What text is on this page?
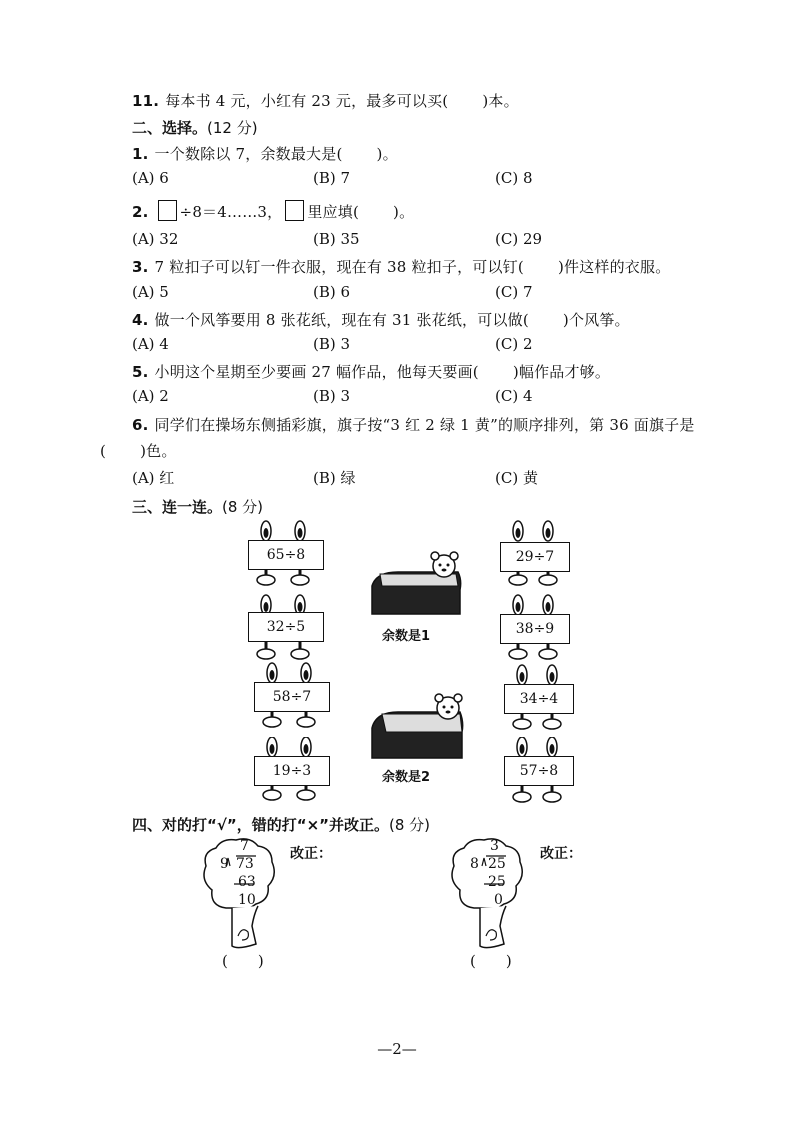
11. 每本书 4 元，小红有 23 元，最多可以买( )本。
二、选择。(12 分)
1. 一个数除以 7，余数最大是( )。
(A) 6	(B) 7	(C) 8
2. ÷8＝4……3， 里应填( )。
(A) 32	(B) 35	(C) 29
3. 7 粒扣子可以钉一件衣服，现在有 38 粒扣子，可以钉( )件这样的衣服。
(A) 5	(B) 6	(C) 7
4. 做一个风筝要用 8 张花纸，现在有 31 张花纸，可以做( )个风筝。
(A) 4	(B) 3	(C) 2
5. 小明这个星期至少要画 27 幅作品，他每天要画( )幅作品才够。
(A) 2	(B) 3	(C) 4
6. 同学们在操场东侧插彩旗，旗子按“3 红 2 绿 1 黄”的顺序排列，第 36 面旗子是
( )色。
(A) 红	(B) 绿	(C) 黄
三、连一连。(8 分)
65÷8
32÷5
58÷7
19÷3
29÷7
38÷9
34÷4
57÷8
余数是1
余数是2
四、对的打“√”，错的打“×”并改正。(8 分)
7
9 73
63
10
改正：
(　　)
3
8 25
25
0
改正：
(　　)
—2—
